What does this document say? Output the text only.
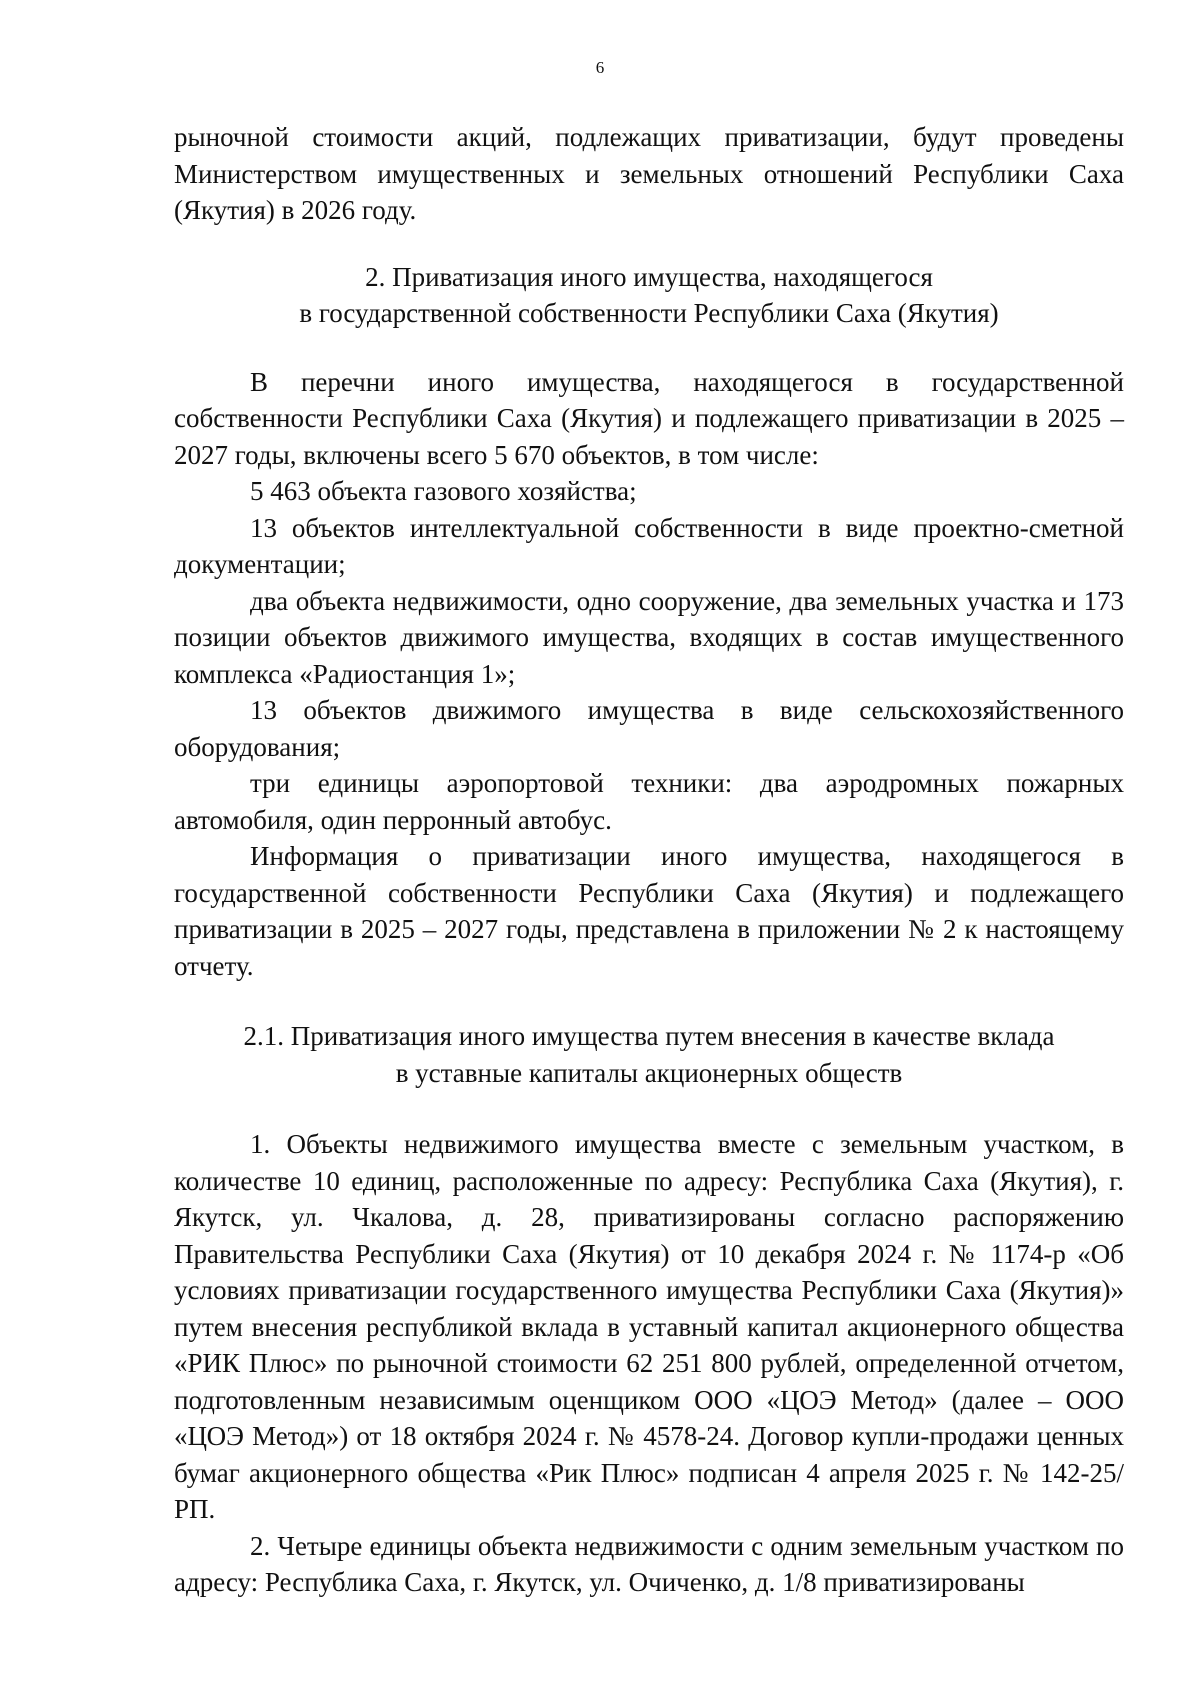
6

рыночной стоимости акций, подлежащих приватизации, будут проведены Министерством имущественных и земельных отношений Республики Саха (Якутия) в 2026 году.

2. Приватизация иного имущества, находящегося
в государственной собственности Республики Саха (Якутия)

В перечни иного имущества, находящегося в государственной собственности Республики Саха (Якутия) и подлежащего приватизации в 2025 – 2027 годы, включены всего 5 670 объектов, в том числе:

5 463 объекта газового хозяйства;

13 объектов интеллектуальной собственности в виде проектно-сметной документации;

два объекта недвижимости, одно сооружение, два земельных участка и 173 позиции объектов движимого имущества, входящих в состав имущественного комплекса «Радиостанция 1»;

13 объектов движимого имущества в виде сельскохозяйственного оборудования;

три единицы аэропортовой техники: два аэродромных пожарных автомобиля, один перронный автобус.

Информация о приватизации иного имущества, находящегося в государственной собственности Республики Саха (Якутия) и подлежащего приватизации в 2025 – 2027 годы, представлена в приложении № 2 к настоящему отчету.

2.1. Приватизация иного имущества путем внесения в качестве вклада
в уставные капиталы акционерных обществ

1. Объекты недвижимого имущества вместе с земельным участком, в количестве 10 единиц, расположенные по адресу: Республика Саха (Якутия), г. Якутск, ул. Чкалова, д. 28, приватизированы согласно распоряжению Правительства Республики Саха (Якутия) от 10 декабря 2024 г. № 1174-р «Об условиях приватизации государственного имущества Республики Саха (Якутия)» путем внесения республикой вклада в уставный капитал акционерного общества «РИК Плюс» по рыночной стоимости 62 251 800 рублей, определенной отчетом, подготовленным независимым оценщиком ООО «ЦОЭ Метод» (далее – ООО «ЦОЭ Метод») от 18 октября 2024 г. № 4578-24. Договор купли-продажи ценных бумаг акционерного общества «Рик Плюс» подписан 4 апреля 2025 г. № 142-25/РП.

2. Четыре единицы объекта недвижимости с одним земельным участком по адресу: Республика Саха, г. Якутск, ул. Очиченко, д. 1/8 приватизированы
